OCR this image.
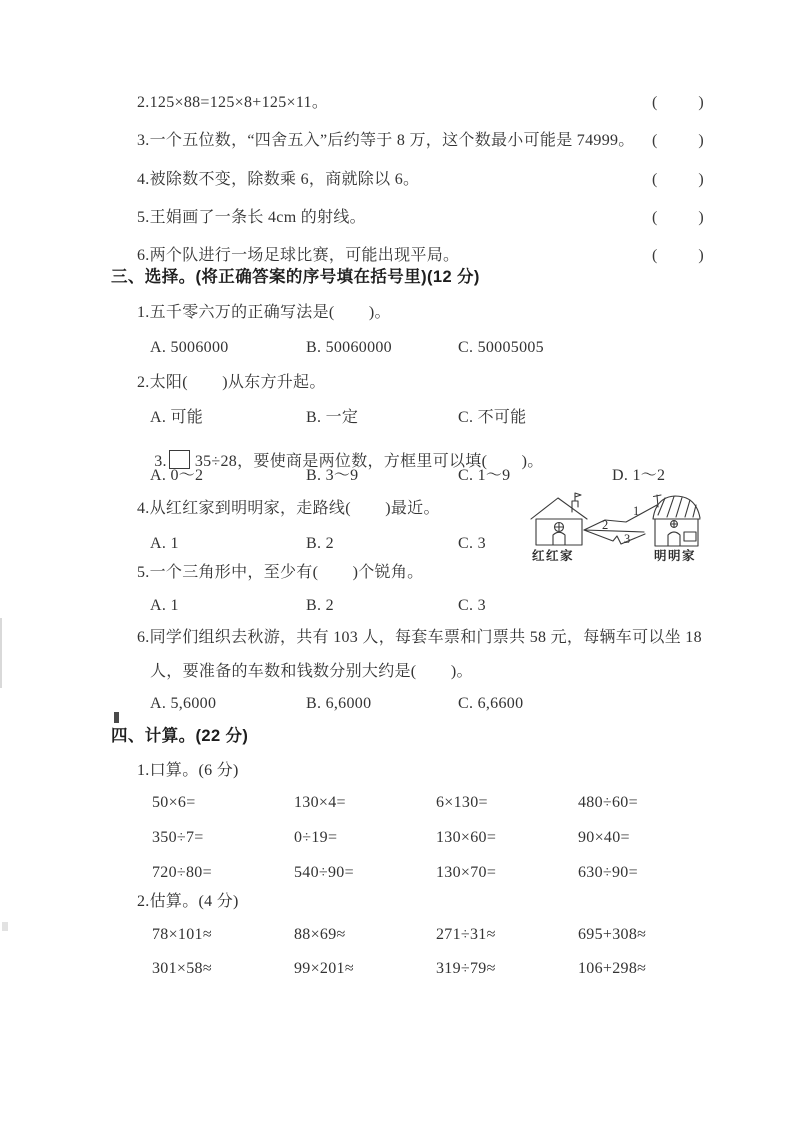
2.125×88=125×8+125×11。	(	)
3.一个五位数，“四舍五入”后约等于 8 万，这个数最小可能是 74999。 (	)
4.被除数不变，除数乘 6，商就除以 6。	(	)
5.王娟画了一条长 4cm 的射线。	(	)
6.两个队进行一场足球比赛，可能出现平局。	(	)
三、选择。(将正确答案的序号填在括号里)(12 分)
1.五千零六万的正确写法是(        )。
A. 5006000	B. 50060000	C. 50005005
2.太阳(        )从东方升起。
A. 可能	B. 一定	C. 不可能

3. 35÷28，要使商是两位数，方框里可以填(        )。

A. 0～2	B. 3～9	C. 1～9	D. 1～2
4.从红红家到明明家，走路线(        )最近。
A. 1	B. 2	C. 3
2
1
3
红红家	明明家
5.一个三角形中，至少有(        )个锐角。
A. 1	B. 2	C. 3
6.同学们组织去秋游，共有 103 人，每套车票和门票共 58 元，每辆车可以坐 18
人，要准备的车数和钱数分别大约是(        )。
A. 5,6000	B. 6,6000	C. 6,6600
四、计算。(22 分)
1.口算。(6 分)
50×6=	130×4=	6×130=	480÷60=
350÷7=	0÷19=	130×60=	90×40=
720÷80=	540÷90=	130×70=	630÷90=
2.估算。(4 分)
78×101≈	88×69≈	271÷31≈	695+308≈
301×58≈	99×201≈	319÷79≈	106+298≈
